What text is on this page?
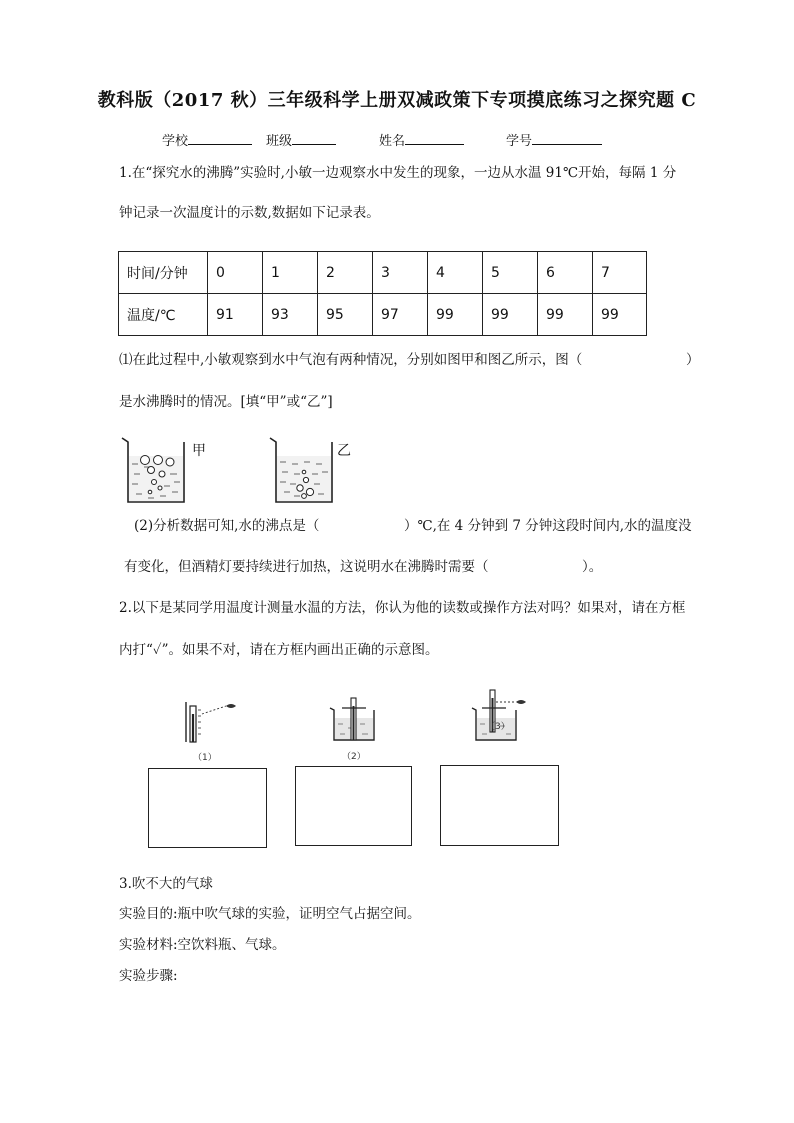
教科版（2017 秋）三年级科学上册双减政策下专项摸底练习之探究题 C
学校	班级	姓名	学号
1.在“探究水的沸腾”实验时,小敏一边观察水中发生的现象，一边从水温 91℃开始，每隔 1 分
钟记录一次温度计的示数,数据如下记录表。
时间/分钟	0	1	2	3	4	5	6	7
温度/℃	91	93	95	97	99	99	99	99
⑴在此过程中,小敏观察到水中气泡有两种情况，分别如图甲和图乙所示，图（	）
是水沸腾时的情况。[填“甲”或“乙”]
甲	乙
(2)分析数据可知,水的沸点是（	）℃,在 4 分钟到 7 分钟这段时间内,水的温度没
有变化，但酒精灯要持续进行加热，这说明水在沸腾时需要（	）。
2.以下是某同学用温度计测量水温的方法，你认为他的读数或操作方法对吗？如果对，请在方框
内打“✓”。如果不对，请在方框内画出正确的示意图。
（1）	（2）
（3）
3.吹不大的气球
实验目的:瓶中吹气球的实验，证明空气占据空间。
实验材料:空饮料瓶、气球。
实验步骤:
